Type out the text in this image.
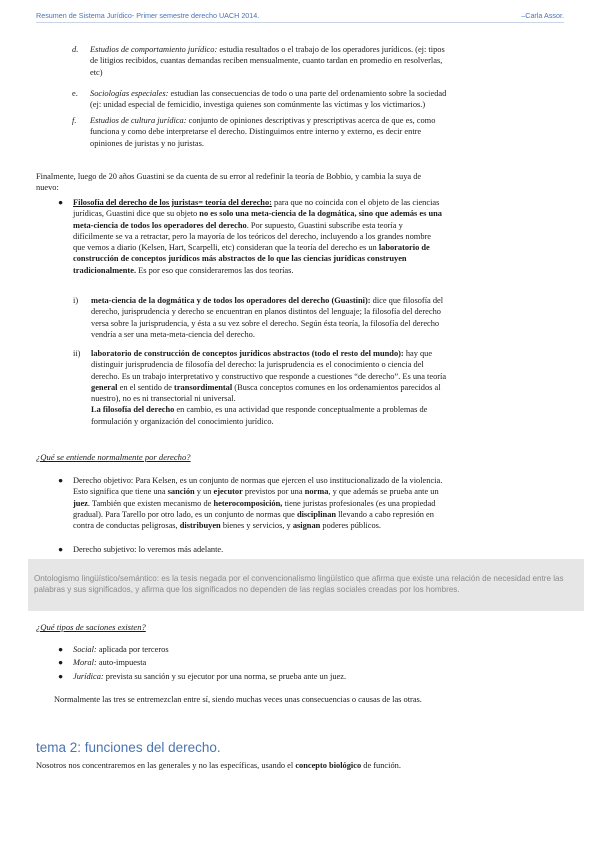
Resumen de Sistema Jurídico- Primer semestre derecho UACH 2014.	–Carla Assor.
d. Estudios de comportamiento jurídico: estudia resultados o el trabajo de los operadores jurídicos. (ej: tipos
de litigios recibidos, cuantas demandas reciben mensualmente, cuanto tardan en promedio en resolverlas,
etc)
e. Sociologías especiales: estudian las consecuencias de todo o una parte del ordenamiento sobre la sociedad
(ej: unidad especial de femicidio, investiga quienes son comúnmente las víctimas y los victimarios.)
f. Estudios de cultura jurídica: conjunto de opiniones descriptivas y prescriptivas acerca de que es, como
funciona y como debe interpretarse el derecho. Distinguimos entre interno y externo, es decir entre
opiniones de juristas y no juristas.
Finalmente, luego de 20 años Guastini se da cuenta de su error al redefinir la teoría de Bobbio, y cambia la suya de
nuevo:
● Filosofía del derecho de los juristas= teoría del derecho: para que no coincida con el objeto de las ciencias
jurídicas, Guastini dice que su objeto no es solo una meta-ciencia de la dogmática, sino que además es una
meta-ciencia de todos los operadores del derecho. Por supuesto, Guastini subscribe esta teoría y
difícilmente se va a retractar, pero la mayoría de los teóricos del derecho, incluyendo a los grandes nombre
que vemos a diario (Kelsen, Hart, Scarpelli, etc) consideran que la teoría del derecho es un laboratorio de
construcción de conceptos jurídicos más abstractos de lo que las ciencias jurídicas construyen
tradicionalmente. Es por eso que consideraremos las dos teorías.
i) meta-ciencia de la dogmática y de todos los operadores del derecho (Guastini): dice que filosofía del
derecho, jurisprudencia y derecho se encuentran en planos distintos del lenguaje; la filosofía del derecho
versa sobre la jurisprudencia, y ésta a su vez sobre el derecho. Según ésta teoría, la filosofía del derecho
vendría a ser una meta-meta-ciencia del derecho.
ii) laboratorio de construcción de conceptos jurídicos abstractos (todo el resto del mundo): hay que
distinguir jurisprudencia de filosofía del derecho: la jurisprudencia es el conocimiento o ciencia del
derecho. Es un trabajo interpretativo y constructivo que responde a cuestiones “de derecho”. Es una teoría
general en el sentido de transordimental (Busca conceptos comunes en los ordenamientos parecidos al
nuestro), no es ni transectorial ni universal.
La filosofía del derecho en cambio, es una actividad que responde conceptualmente a problemas de
formulación y organización del conocimiento jurídico.
¿Qué se entiende normalmente por derecho?
● Derecho objetivo: Para Kelsen, es un conjunto de normas que ejercen el uso institucionalizado de la violencia.
Esto significa que tiene una sanción y un ejecutor previstos por una norma, y que además se prueba ante un
juez. También que existen mecanismo de heterocomposición, tiene juristas profesionales (es una propiedad
gradual). Para Tarello por otro lado, es un conjunto de normas que disciplinan llevando a cabo represión en
contra de conductas peligrosas, distribuyen bienes y servicios, y asignan poderes públicos.
● Derecho subjetivo: lo veremos más adelante.

Ontologismo lingüístico/semántico: es la tesis negada por el convencionalismo lingüístico que afirma que existe una relación de necesidad entre las palabras y sus significados, y afirma que los significados no dependen de las reglas sociales creadas por los hombres.

¿Qué tipos de saciones existen?
● Social: aplicada por terceros
● Moral: auto-impuesta
● Jurídica: prevista su sanción y su ejecutor por una norma, se prueba ante un juez.
Normalmente las tres se entremezclan entre sí, siendo muchas veces unas consecuencias o causas de las otras.
tema 2: funciones del derecho.
Nosotros nos concentraremos en las generales y no las específicas, usando el concepto biológico de función.
